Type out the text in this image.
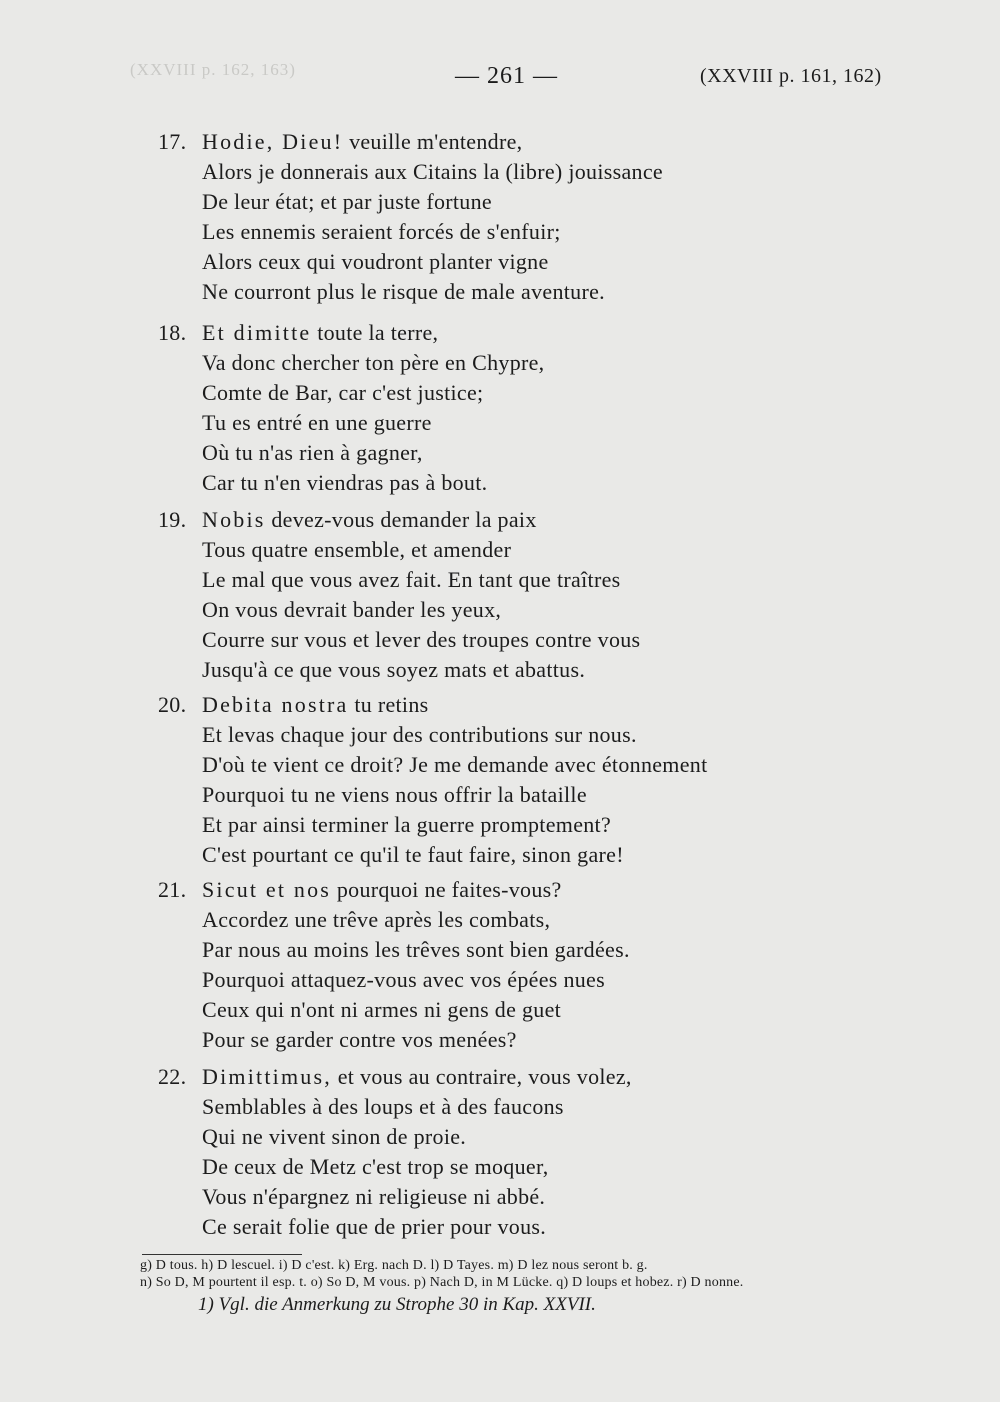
(XXVIII p. 162, 163)	— 261 —	(XXVIII p. 161, 162)
17. Hodie, Dieu! veuille m'entendre,
Alors je donnerais aux Citains la (libre) jouissance
De leur état; et par juste fortune
Les ennemis seraient forcés de s'enfuir;
Alors ceux qui voudront planter vigne
Ne courront plus le risque de male aventure.
18. Et dimitte toute la terre,
Va donc chercher ton père en Chypre,
Comte de Bar, car c'est justice;
Tu es entré en une guerre
Où tu n'as rien à gagner,
Car tu n'en viendras pas à bout.
19. Nobis devez-vous demander la paix
Tous quatre ensemble, et amender
Le mal que vous avez fait. En tant que traîtres
On vous devrait bander les yeux,
Courre sur vous et lever des troupes contre vous
Jusqu'à ce que vous soyez mats et abattus.
20. Debita nostra tu retins
Et levas chaque jour des contributions sur nous.
D'où te vient ce droit? Je me demande avec étonnement
Pourquoi tu ne viens nous offrir la bataille
Et par ainsi terminer la guerre promptement?
C'est pourtant ce qu'il te faut faire, sinon gare!
21. Sicut et nos pourquoi ne faites-vous?
Accordez une trêve après les combats,
Par nous au moins les trêves sont bien gardées.
Pourquoi attaquez-vous avec vos épées nues
Ceux qui n'ont ni armes ni gens de guet
Pour se garder contre vos menées?
22. Dimittimus, et vous au contraire, vous volez,
Semblables à des loups et à des faucons
Qui ne vivent sinon de proie.
De ceux de Metz c'est trop se moquer,
Vous n'épargnez ni religieuse ni abbé.
Ce serait folie que de prier pour vous.
g) D tous. h) D lescuel. i) D c'est. k) Erg. nach D. l) D Tayes. m) D lez nous seront b. g.
n) So D, M pourtent il esp. t. o) So D, M vous. p) Nach D, in M Lücke. q) D loups et hobez. r) D nonne.
1) Vgl. die Anmerkung zu Strophe 30 in Kap. XXVII.
